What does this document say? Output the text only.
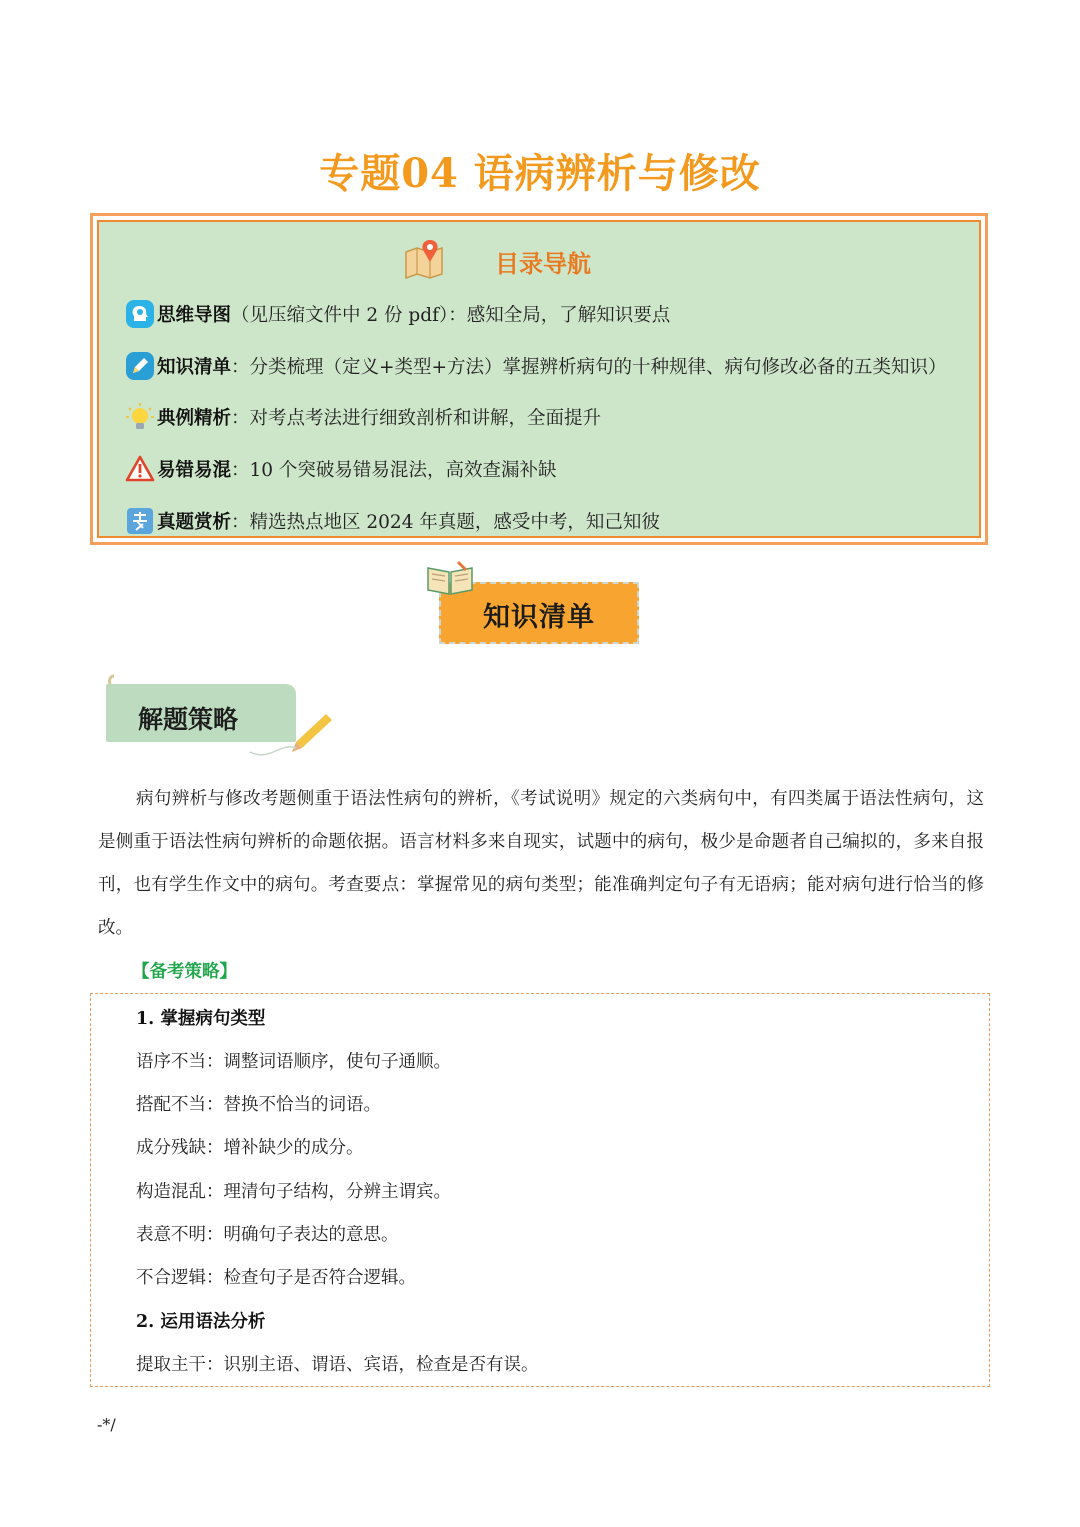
专题04 语病辨析与修改
目录导航
思维导图 （见压缩文件中 2 份 pdf）：感知全局，了解知识要点
知识清单 ：分类梳理（定义+类型+方法）掌握辨析病句的十种规律、病句修改必备的五类知识）
典例精析 ：对考点考法进行细致剖析和讲解，全面提升
易错易混 ：10 个突破易错易混法，高效查漏补缺
真题赏析 ：精选热点地区 2024 年真题，感受中考，知己知彼
知识清单
解题策略
病句辨析与修改考题侧重于语法性病句的辨析，《考试说明》规定的六类病句中，有四类属于语法性病句，这是侧重于语法性病句辨析的命题依据。语言材料多来自现实，试题中的病句，极少是命题者自己编拟的，多来自报刊，也有学生作文中的病句。考查要点：掌握常见的病句类型；能准确判定句子有无语病；能对病句进行恰当的修改。
【备考策略】
1. 掌握病句类型
语序不当：调整词语顺序，使句子通顺。
搭配不当：替换不恰当的词语。
成分残缺：增补缺少的成分。
构造混乱：理清句子结构，分辨主谓宾。
表意不明：明确句子表达的意思。
不合逻辑：检查句子是否符合逻辑。
2. 运用语法分析
提取主干：识别主语、谓语、宾语，检查是否有误。
-*/
